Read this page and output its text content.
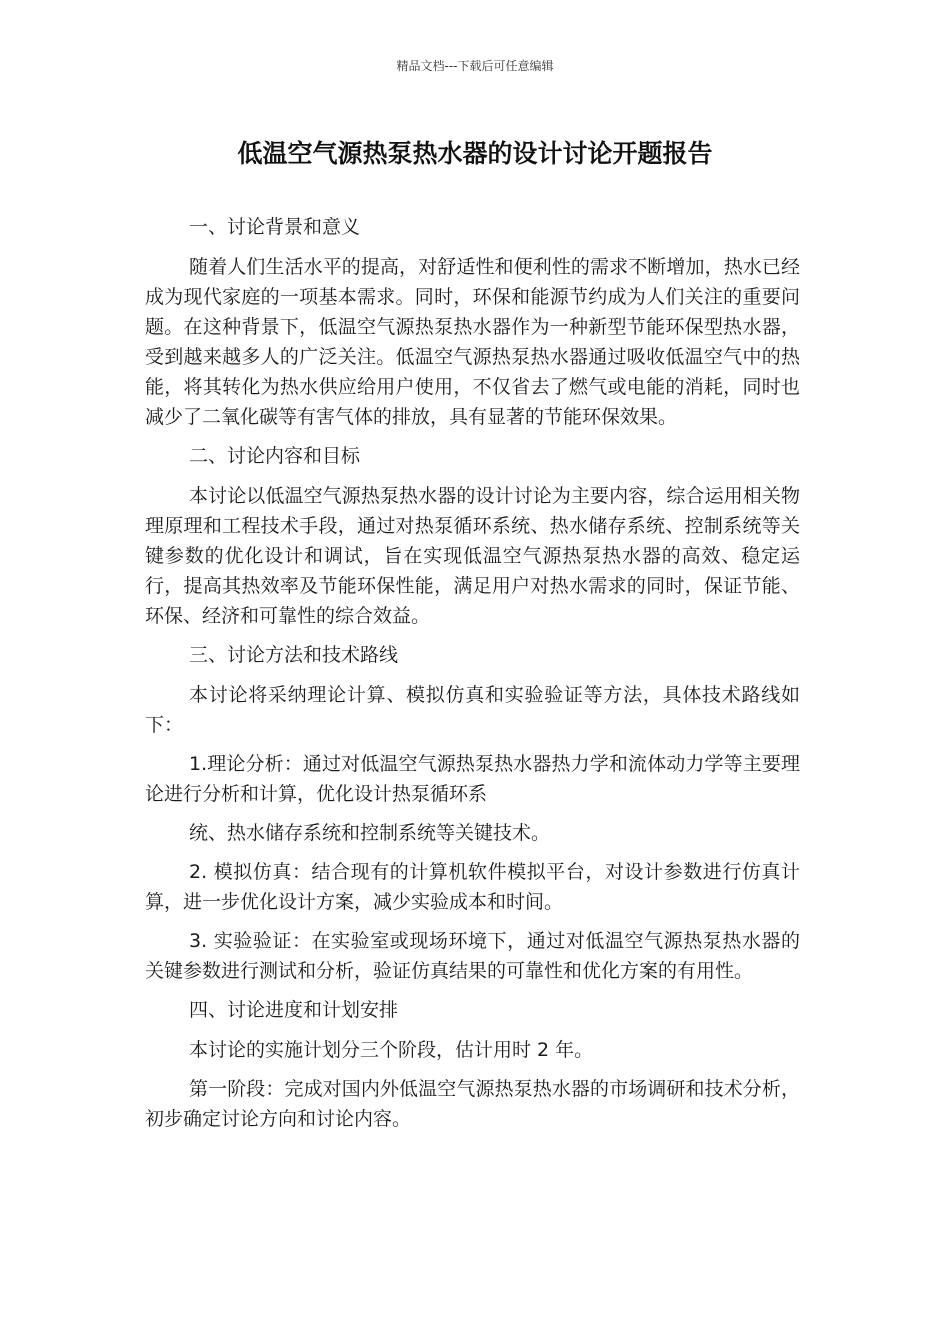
精品文档---下载后可任意编辑
低温空气源热泵热水器的设计讨论开题报告

一、讨论背景和意义

随着人们生活水平的提高，对舒适性和便利性的需求不断增加，热水已经成为现代家庭的一项基本需求。同时，环保和能源节约成为人们关注的重要问题。在这种背景下，低温空气源热泵热水器作为一种新型节能环保型热水器，受到越来越多人的广泛关注。低温空气源热泵热水器通过吸收低温空气中的热能，将其转化为热水供应给用户使用，不仅省去了燃气或电能的消耗，同时也减少了二氧化碳等有害气体的排放，具有显著的节能环保效果。

二、讨论内容和目标

本讨论以低温空气源热泵热水器的设计讨论为主要内容，综合运用相关物理原理和工程技术手段，通过对热泵循环系统、热水储存系统、控制系统等关键参数的优化设计和调试，旨在实现低温空气源热泵热水器的高效、稳定运行，提高其热效率及节能环保性能，满足用户对热水需求的同时，保证节能、环保、经济和可靠性的综合效益。

三、讨论方法和技术路线

本讨论将采纳理论计算、模拟仿真和实验验证等方法，具体技术路线如下：

1.理论分析：通过对低温空气源热泵热水器热力学和流体动力学等主要理论进行分析和计算，优化设计热泵循环系

统、热水储存系统和控制系统等关键技术。

2. 模拟仿真：结合现有的计算机软件模拟平台，对设计参数进行仿真计算，进一步优化设计方案，减少实验成本和时间。

3. 实验验证：在实验室或现场环境下，通过对低温空气源热泵热水器的关键参数进行测试和分析，验证仿真结果的可靠性和优化方案的有用性。

四、讨论进度和计划安排

本讨论的实施计划分三个阶段，估计用时 2 年。

第一阶段：完成对国内外低温空气源热泵热水器的市场调研和技术分析，初步确定讨论方向和讨论内容。
